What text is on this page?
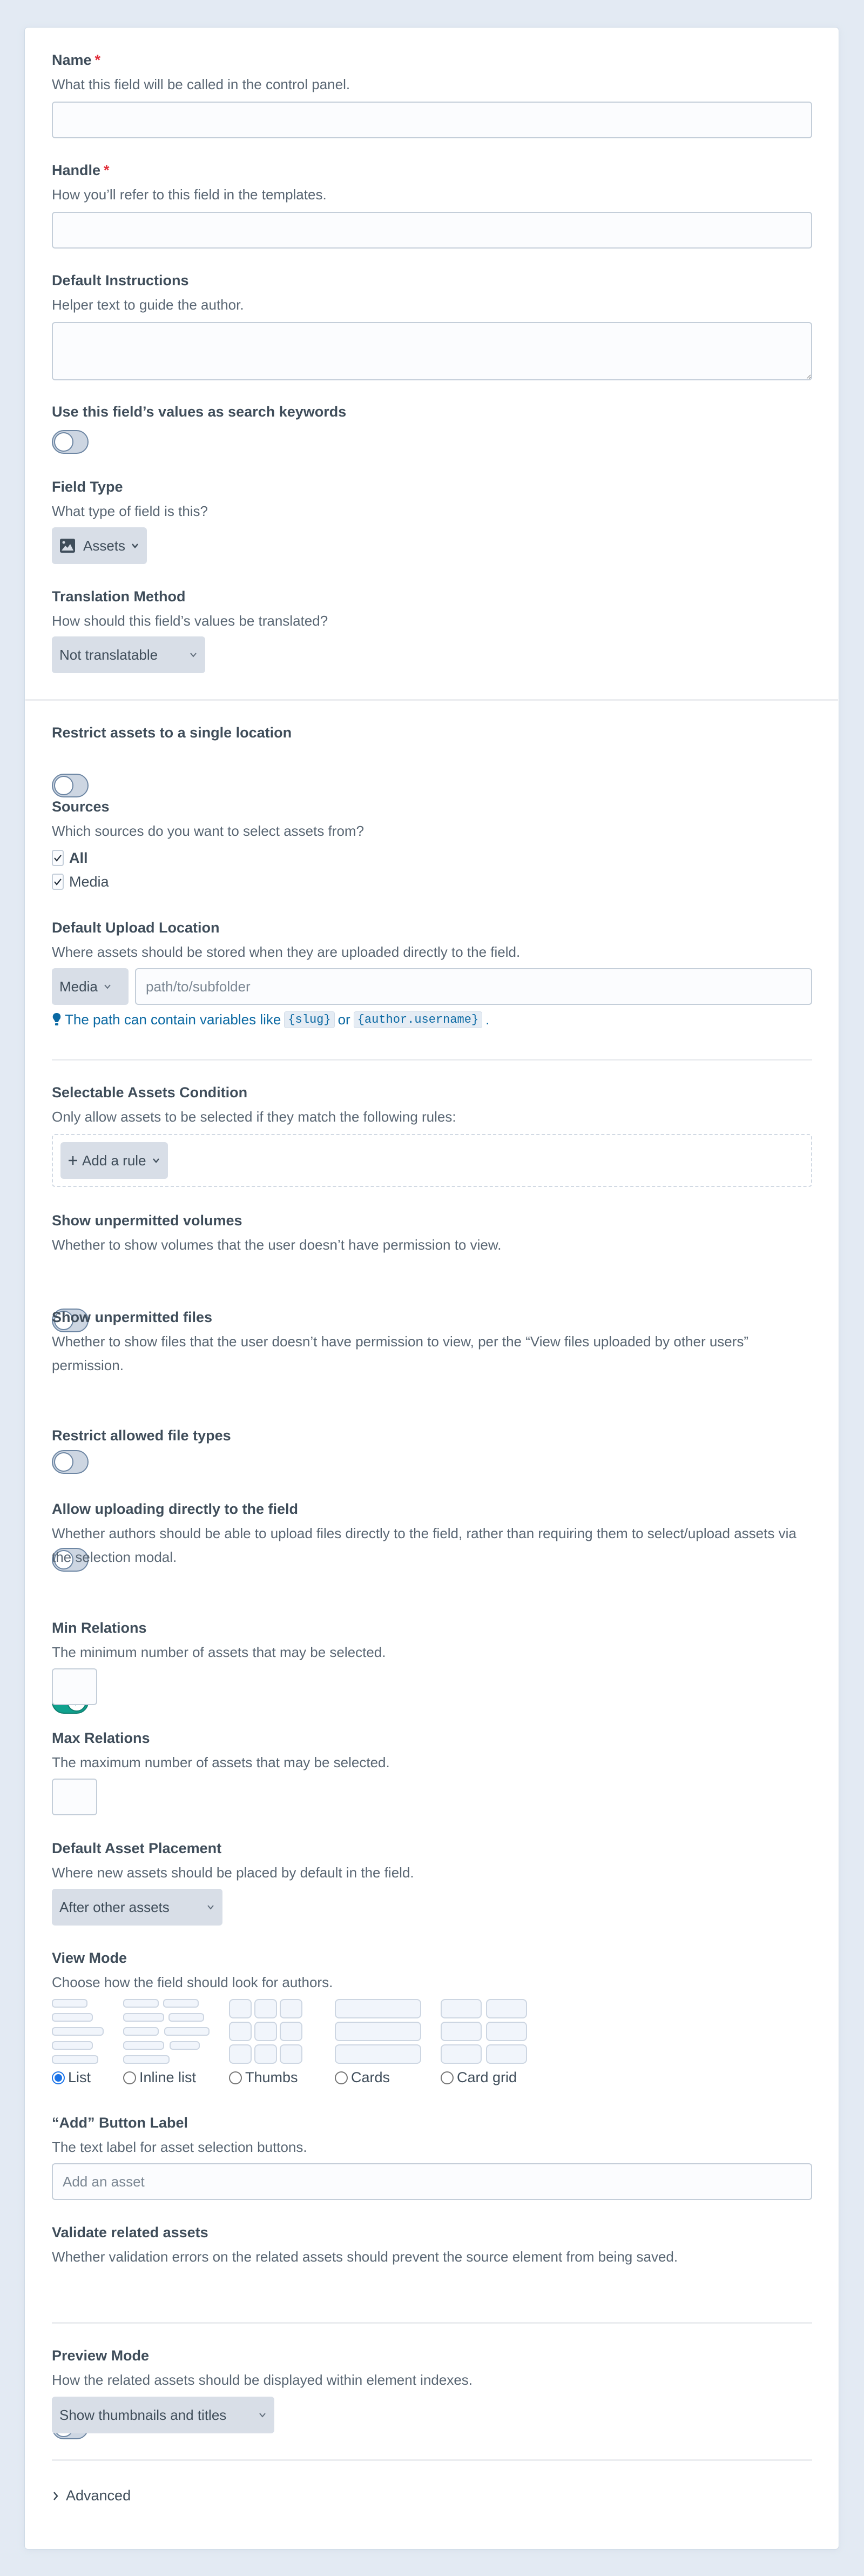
Name *
What this field will be called in the control panel.
Handle *
How you’ll refer to this field in the templates.
Default Instructions
Helper text to guide the author.
Use this field’s values as search keywords
Field Type
What type of field is this?
Assets
Translation Method
How should this field’s values be translated?
Not translatable
Restrict assets to a single location
Sources
Which sources do you want to select assets from?
All
Media
Default Upload Location
Where assets should be stored when they are uploaded directly to the field.
Media
path/to/subfolder
The path can contain variables like {slug} or {author.username} .
Selectable Assets Condition
Only allow assets to be selected if they match the following rules:
Add a rule
Show unpermitted volumes
Whether to show volumes that the user doesn’t have permission to view.
Show unpermitted files
Whether to show files that the user doesn’t have permission to view, per the “View files uploaded by other users” permission.
Restrict allowed file types
Allow uploading directly to the field
Whether authors should be able to upload files directly to the field, rather than requiring them to select/upload assets via the selection modal.
Min Relations
The minimum number of assets that may be selected.
Max Relations
The maximum number of assets that may be selected.
Default Asset Placement
Where new assets should be placed by default in the field.
After other assets
View Mode
Choose how the field should look for authors.
List	Inline list	Thumbs	Cards	Card grid
“Add” Button Label
The text label for asset selection buttons.
Add an asset
Validate related assets
Whether validation errors on the related assets should prevent the source element from being saved.
Preview Mode
How the related assets should be displayed within element indexes.
Show thumbnails and titles
Advanced
